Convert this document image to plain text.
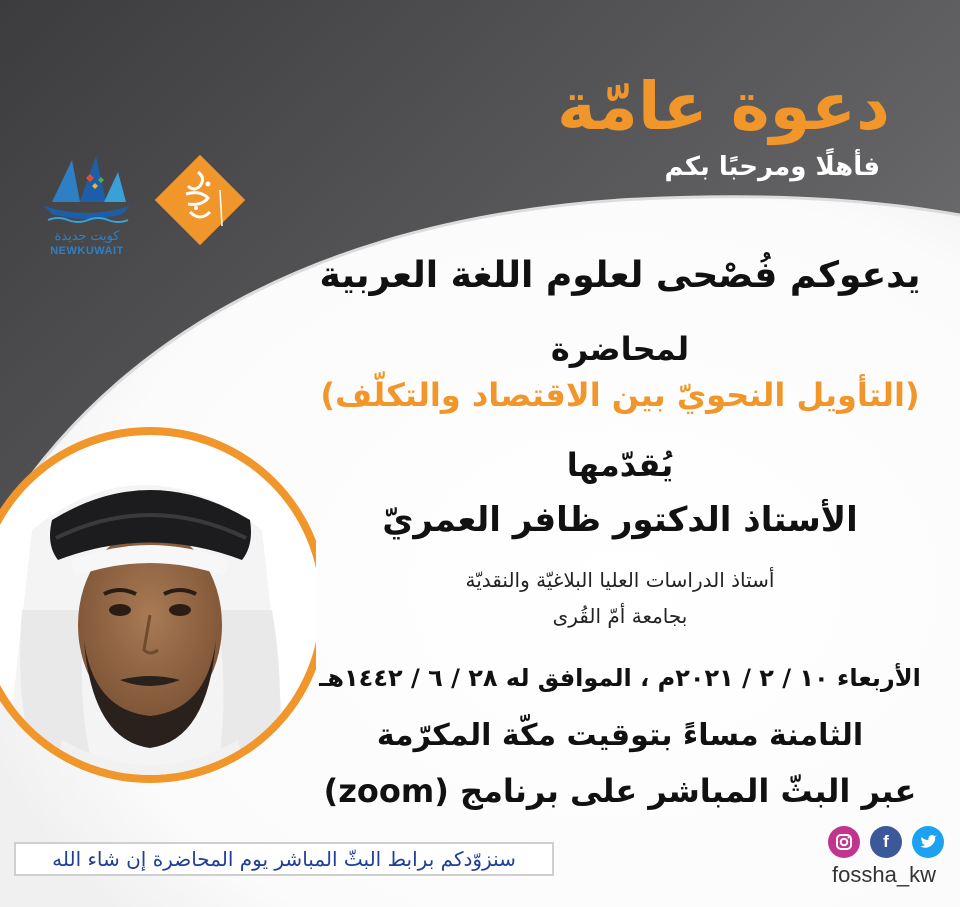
دعوة عامّة
فأهلًا ومرحبًا بكم
كويت جديدة
NEWKUWAIT
يدعوكم فُصْحى لعلوم اللغة العربية
لمحاضرة
(التأويل النحويّ بين الاقتصاد والتكلّف)
يُقدّمها
الأستاذ الدكتور ظافر العمريّ
أستاذ الدراسات العليا البلاغيّة والنقديّة
بجامعة أمّ القُرى
الأربعاء ١٠ / ٢ / ٢٠٢١م ، الموافق له ٢٨ / ٦ / ١٤٤٢هـ
الثامنة مساءً بتوقيت مكّة المكرّمة
عبر البثّ المباشر على برنامج (zoom)
سنزوّدكم برابط البثّ المباشر يوم المحاضرة إن شاء الله
f
fossha_kw
